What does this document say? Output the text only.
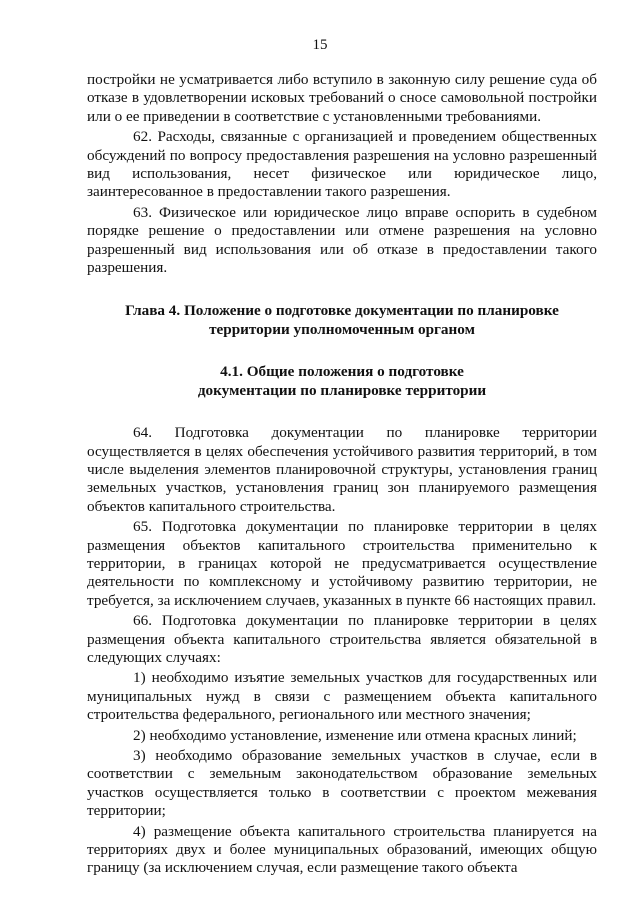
15

постройки не усматривается либо вступило в законную силу решение суда об отказе в удовлетворении исковых требований о сносе самовольной постройки или о ее приведении в соответствие с установленными требованиями.

62. Расходы, связанные с организацией и проведением общественных обсуждений по вопросу предоставления разрешения на условно разрешенный вид использования, несет физическое или юридическое лицо, заинтересованное в предоставлении такого разрешения.

63. Физическое или юридическое лицо вправе оспорить в судебном порядке решение о предоставлении или отмене разрешения на условно разрешенный вид использования или об отказе в предоставлении такого разрешения.

Глава 4. Положение о подготовке документации по планировке
территории уполномоченным органом
4.1. Общие положения о подготовке
документации по планировке территории

64. Подготовка документации по планировке территории осуществляется в целях обеспечения устойчивого развития территорий, в том числе выделения элементов планировочной структуры, установления границ земельных участков, установления границ зон планируемого размещения объектов капитального строительства.

65. Подготовка документации по планировке территории в целях размещения объектов капитального строительства применительно к территории, в границах которой не предусматривается осуществление деятельности по комплексному и устойчивому развитию территории, не требуется, за исключением случаев, указанных в пункте 66 настоящих правил.

66. Подготовка документации по планировке территории в целях размещения объекта капитального строительства является обязательной в следующих случаях:

1) необходимо изъятие земельных участков для государственных или муниципальных нужд в связи с размещением объекта капитального строительства федерального, регионального или местного значения;

2) необходимо установление, изменение или отмена красных линий;

3) необходимо образование земельных участков в случае, если в соответствии с земельным законодательством образование земельных участков осуществляется только в соответствии с проектом межевания территории;

4) размещение объекта капитального строительства планируется на территориях двух и более муниципальных образований, имеющих общую границу (за исключением случая, если размещение такого объекта
